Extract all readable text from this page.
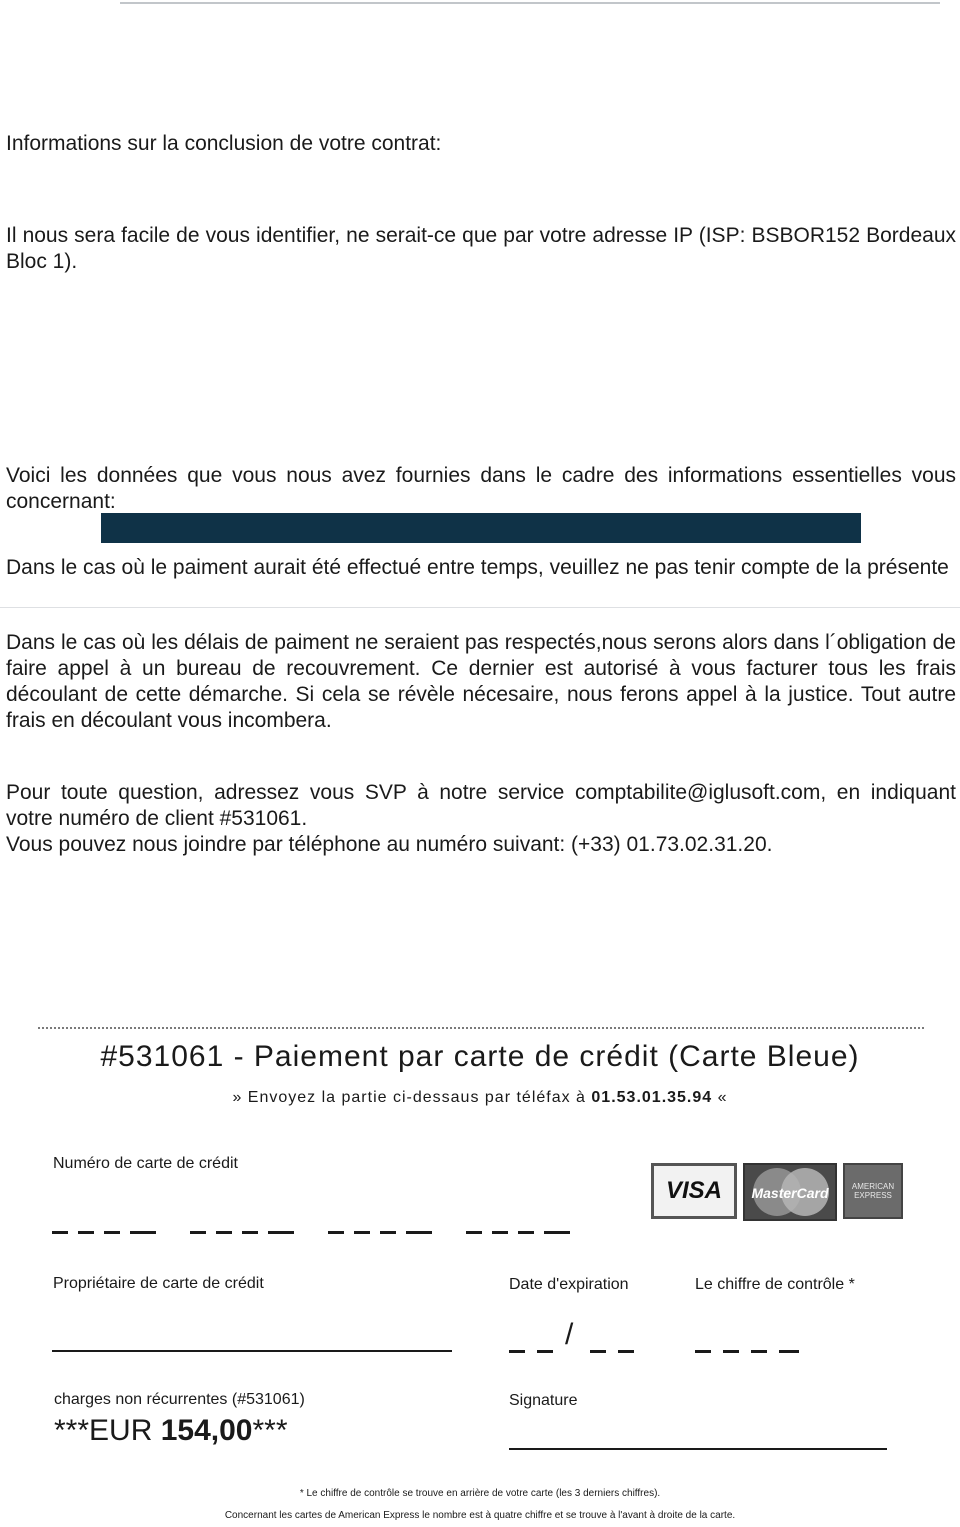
Informations sur la conclusion de votre contrat:

Il nous sera facile de vous identifier, ne serait-ce que par votre adresse IP (ISP: BSBOR152 Bordeaux Bloc 1).

Voici les données que vous nous avez fournies dans le cadre des informations essentielles vous concernant:

Dans le cas où le paiment aurait été effectué entre temps, veuillez ne pas tenir compte de la présente

Dans le cas où les délais de paiment ne seraient pas respectés,nous serons alors dans l´obligation de faire appel à un bureau de recouvrement. Ce dernier est autorisé à vous facturer tous les frais découlant de cette démarche. Si cela se révèle nécesaire, nous ferons appel à la justice. Tout autre frais en découlant vous incombera.

Pour toute question, adressez vous SVP à notre service comptabilite@iglusoft.com, en indiquant votre numéro de client #531061.

Vous pouvez nous joindre par téléphone au numéro suivant: (+33) 01.73.02.31.20.

#531061 - Paiement par carte de crédit (Carte Bleue)
» Envoyez la partie ci-dessaus par téléfax à 01.53.01.35.94 «
Numéro de carte de crédit
VISA	MasterCard	AMERICAN
EXPRESS
Propriétaire de carte de crédit	Date d'expiration	Le chiffre de contrôle *
/
charges non récurrentes (#531061)	Signature
***EUR 154,00***
* Le chiffre de contrôle se trouve en arrière de votre carte (les 3 derniers chiffres).
Concernant les cartes de American Express le nombre est à quatre chiffre et se trouve à l'avant à droite de la carte.
